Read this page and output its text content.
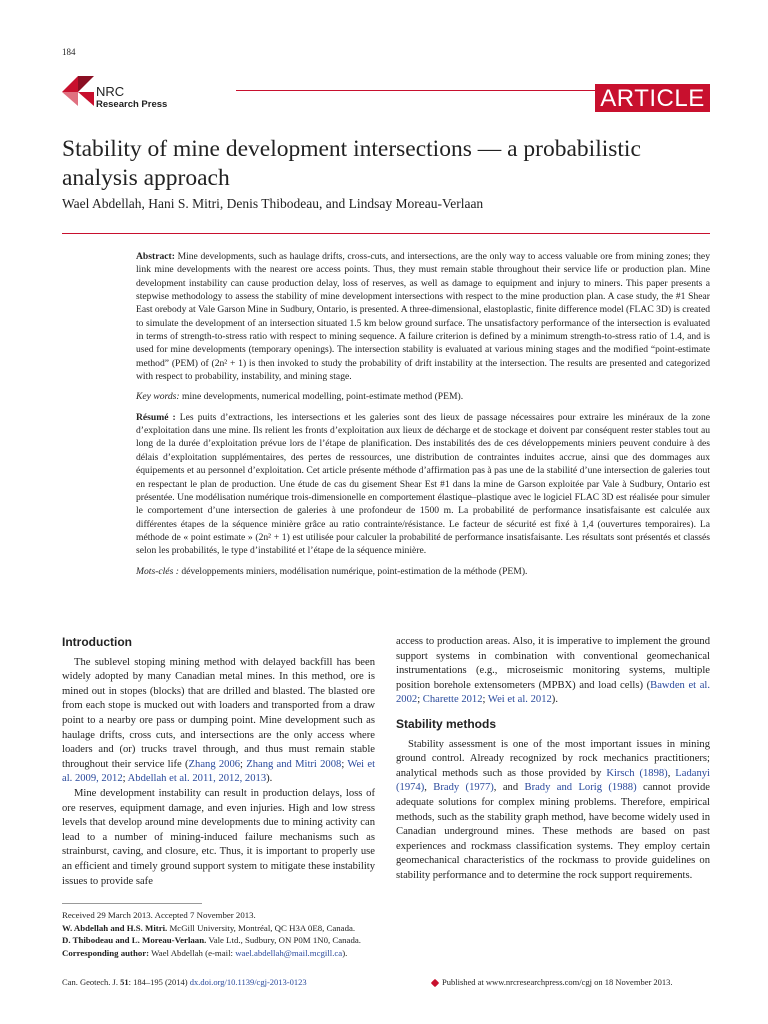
184
NRC
Research Press	ARTICLE
Stability of mine development intersections — a probabilistic analysis approach
Wael Abdellah, Hani S. Mitri, Denis Thibodeau, and Lindsay Moreau-Verlaan

Abstract: Mine developments, such as haulage drifts, cross-cuts, and intersections, are the only way to access valuable ore from mining zones; they link mine developments with the nearest ore access points. Thus, they must remain stable throughout their service life or production plan. Mine development instability can cause production delay, loss of reserves, as well as damage to equipment and injury to miners. This paper presents a stepwise methodology to assess the stability of mine development intersections with respect to the mine production plan. A case study, the #1 Shear East orebody at Vale Garson Mine in Sudbury, Ontario, is presented. A three-dimensional, elastoplastic, finite difference model (FLAC 3D) is created to simulate the development of an intersection situated 1.5 km below ground surface. The unsatisfactory performance of the intersection is evaluated in terms of strength-to-stress ratio with respect to mining sequence. A failure criterion is defined by a minimum strength-to-stress ratio of 1.4, and is used for mine developments (temporary openings). The intersection stability is evaluated at various mining stages and the modified “point-estimate method” (PEM) of (2n² + 1) is then invoked to study the probability of drift instability at the intersection. The results are presented and categorized with respect to probability, instability, and mining stage.

Key words: mine developments, numerical modelling, point-estimate method (PEM).

Résumé : Les puits d’extractions, les intersections et les galeries sont des lieux de passage nécessaires pour extraire les minéraux de la zone d’exploitation dans une mine. Ils relient les fronts d’exploitation aux lieux de décharge et de stockage et doivent par conséquent rester stables tout au long de la durée d’exploitation prévue lors de l’étape de planification. Des instabilités des de ces développements miniers peuvent conduire à des délais d’exploitation supplémentaires, des pertes de ressources, une distribution de contraintes induites accrue, ainsi que des dommages aux équipements et au personnel d’exploitation. Cet article présente méthode d’affirmation pas à pas une de la stabilité d’une intersection de galeries tout en respectant le plan de production. Une étude de cas du gisement Shear Est #1 dans la mine de Garson exploitée par Vale à Sudbury, Ontario est présentée. Une modélisation numérique trois-dimensionelle en comportement élastique–plastique avec le logiciel FLAC 3D est réalisée pour simuler le comportement d’une intersection de galeries à une profondeur de 1500 m. La probabilité de performance insatisfaisante est calculée aux différentes étapes de la séquence minière grâce au ratio contrainte/résistance. Le facteur de sécurité est fixé à 1,4 (ouvertures temporaires). La méthode de « point estimate » (2n² + 1) est utilisée pour calculer la probabilité de performance insatisfaisante. Les résultats sont présentés et classés selon les probabilités, le type d’instabilité et l’étape de la séquence minière.

Mots-clés : développements miniers, modélisation numérique, point-estimation de la méthode (PEM).

Introduction

The sublevel stoping mining method with delayed backfill has been widely adopted by many Canadian metal mines. In this method, ore is mined out in stopes (blocks) that are drilled and blasted. The blasted ore from each stope is mucked out with loaders and transported from a draw point to a nearby ore pass or dumping point. Mine development such as haulage drifts, cross cuts, and intersections are the only access where loaders and (or) trucks travel through, and thus must remain stable throughout their service life (Zhang 2006; Zhang and Mitri 2008; Wei et al. 2009, 2012; Abdellah et al. 2011, 2012, 2013).

Mine development instability can result in production delays, loss of ore reserves, equipment damage, and even injuries. High and low stress levels that develop around mine developments due to mining activity can lead to a number of mining-induced failure mechanisms such as strainburst, caving, and closure, etc. Thus, it is important to properly use an efficient and timely ground support system to mitigate these instability issues to provide safe

access to production areas. Also, it is imperative to implement the ground support systems in combination with conventional geomechanical instrumentations (e.g., microseismic monitoring systems, multiple position borehole extensometers (MPBX) and load cells) (Bawden et al. 2002; Charette 2012; Wei et al. 2012).

Stability methods

Stability assessment is one of the most important issues in mining ground control. Already recognized by rock mechanics practitioners; analytical methods such as those provided by Kirsch (1898), Ladanyi (1974), Brady (1977), and Brady and Lorig (1988) cannot provide adequate solutions for complex mining problems. Therefore, empirical methods, such as the stability graph method, have become widely used in Canadian underground mines. These methods are based on past experiences and rockmass classification systems. They employ certain geomechanical characteristics of the rockmass to provide guidelines on stability performance and to determine the rock support requirements.

Received 29 March 2013. Accepted 7 November 2013.

W. Abdellah and H.S. Mitri. McGill University, Montréal, QC H3A 0E8, Canada.

D. Thibodeau and L. Moreau-Verlaan. Vale Ltd., Sudbury, ON P0M 1N0, Canada.

Corresponding author: Wael Abdellah (e-mail: wael.abdellah@mail.mcgill.ca).

Can. Geotech. J. 51: 184–195 (2014) dx.doi.org/10.1139/cgj-2013-0123	Published at www.nrcresearchpress.com/cgj on 18 November 2013.
